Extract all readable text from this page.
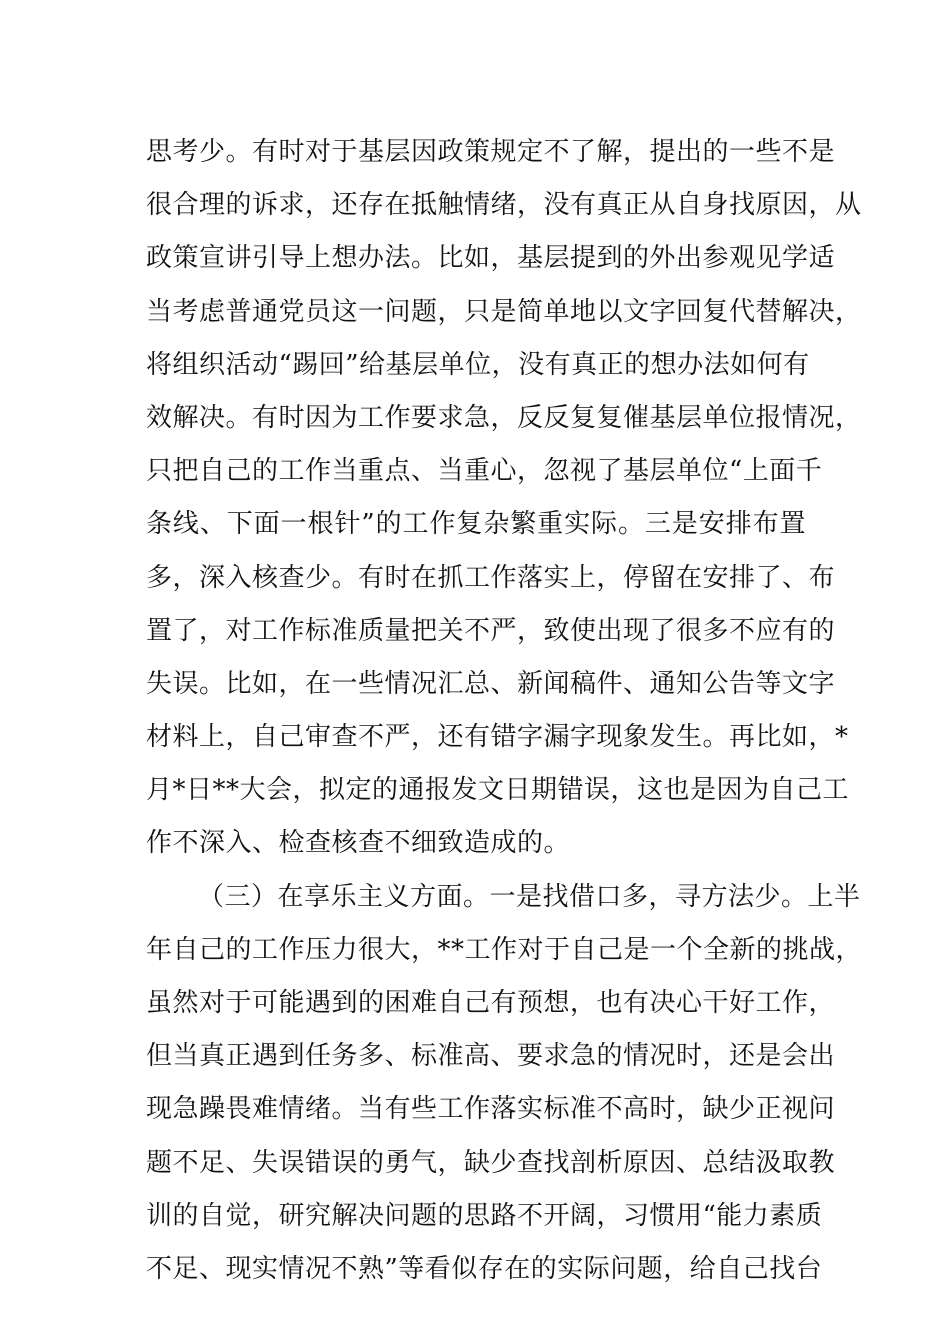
思考少。有时对于基层因政策规定不了解，提出的一些不是
很合理的诉求，还存在抵触情绪，没有真正从自身找原因，从
政策宣讲引导上想办法。比如，基层提到的外出参观见学适
当考虑普通党员这一问题，只是简单地以文字回复代替解决，
将组织活动“踢回”给基层单位，没有真正的想办法如何有
效解决。有时因为工作要求急，反反复复催基层单位报情况，
只把自己的工作当重点、当重心，忽视了基层单位“上面千
条线、下面一根针”的工作复杂繁重实际。三是安排布置
多，深入核查少。有时在抓工作落实上，停留在安排了、布
置了，对工作标准质量把关不严，致使出现了很多不应有的
失误。比如，在一些情况汇总、新闻稿件、通知公告等文字
材料上，自己审查不严，还有错字漏字现象发生。再比如，*
月*日**大会，拟定的通报发文日期错误，这也是因为自己工
作不深入、检查核查不细致造成的。
（三）在享乐主义方面。一是找借口多，寻方法少。上半
年自己的工作压力很大，**工作对于自己是一个全新的挑战，
虽然对于可能遇到的困难自己有预想，也有决心干好工作，
但当真正遇到任务多、标准高、要求急的情况时，还是会出
现急躁畏难情绪。当有些工作落实标准不高时，缺少正视问
题不足、失误错误的勇气，缺少查找剖析原因、总结汲取教
训的自觉，研究解决问题的思路不开阔，习惯用“能力素质
不足、现实情况不熟”等看似存在的实际问题，给自己找台
